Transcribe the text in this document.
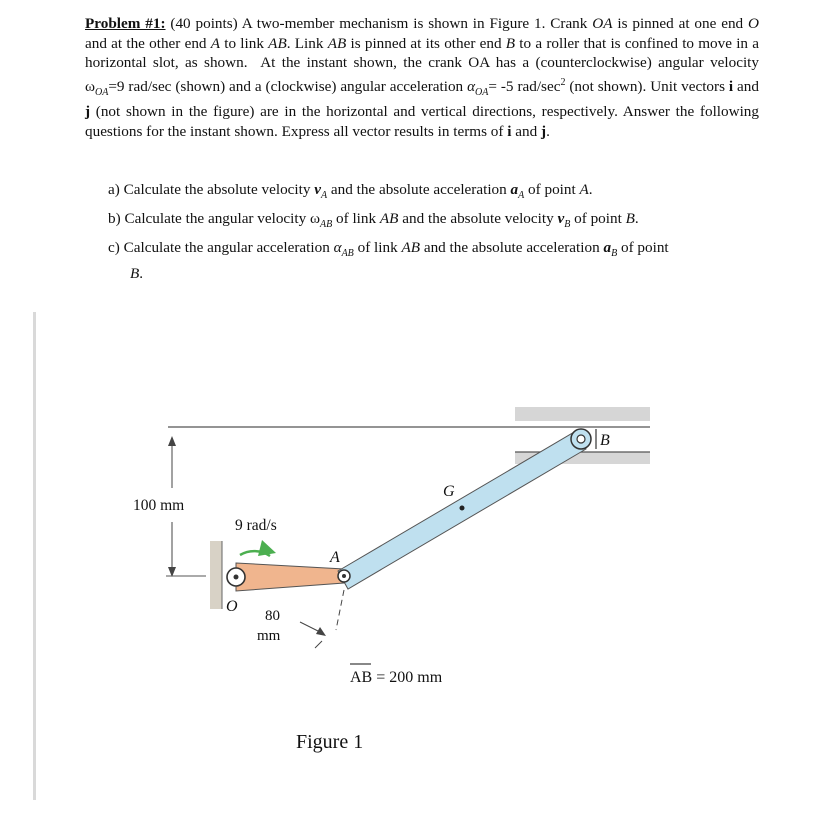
Problem #1: (40 points) A two-member mechanism is shown in Figure 1. Crank OA is pinned at one end O and at the other end A to link AB. Link AB is pinned at its other end B to a roller that is confined to move in a horizontal slot, as shown.  At the instant shown, the crank OA has a (counterclockwise) angular velocity $\omega_{OA}=9$ rad/sec (shown) and a (clockwise) angular acceleration $\alpha_{OA}= -5$ rad/$\sec^2$ (not shown). Unit vectors i and j (not shown in the figure) are in the horizontal and vertical directions, respectively. Answer the following questions for the instant shown. Express all vector results in terms of i and j.
a) Calculate the absolute velocity $v_A$ and the absolute acceleration $a_A$ of point A.
b) Calculate the angular velocity $\omega_{AB}$ of link AB and the absolute velocity $v_B$ of point B.
c) Calculate the angular acceleration $\alpha_{AB}$ of link AB and the absolute acceleration $a_B$ of point
B.
100 mm
9 rad/s
O
80
mm
G
A
B
AB = 200 mm
Figure 1
